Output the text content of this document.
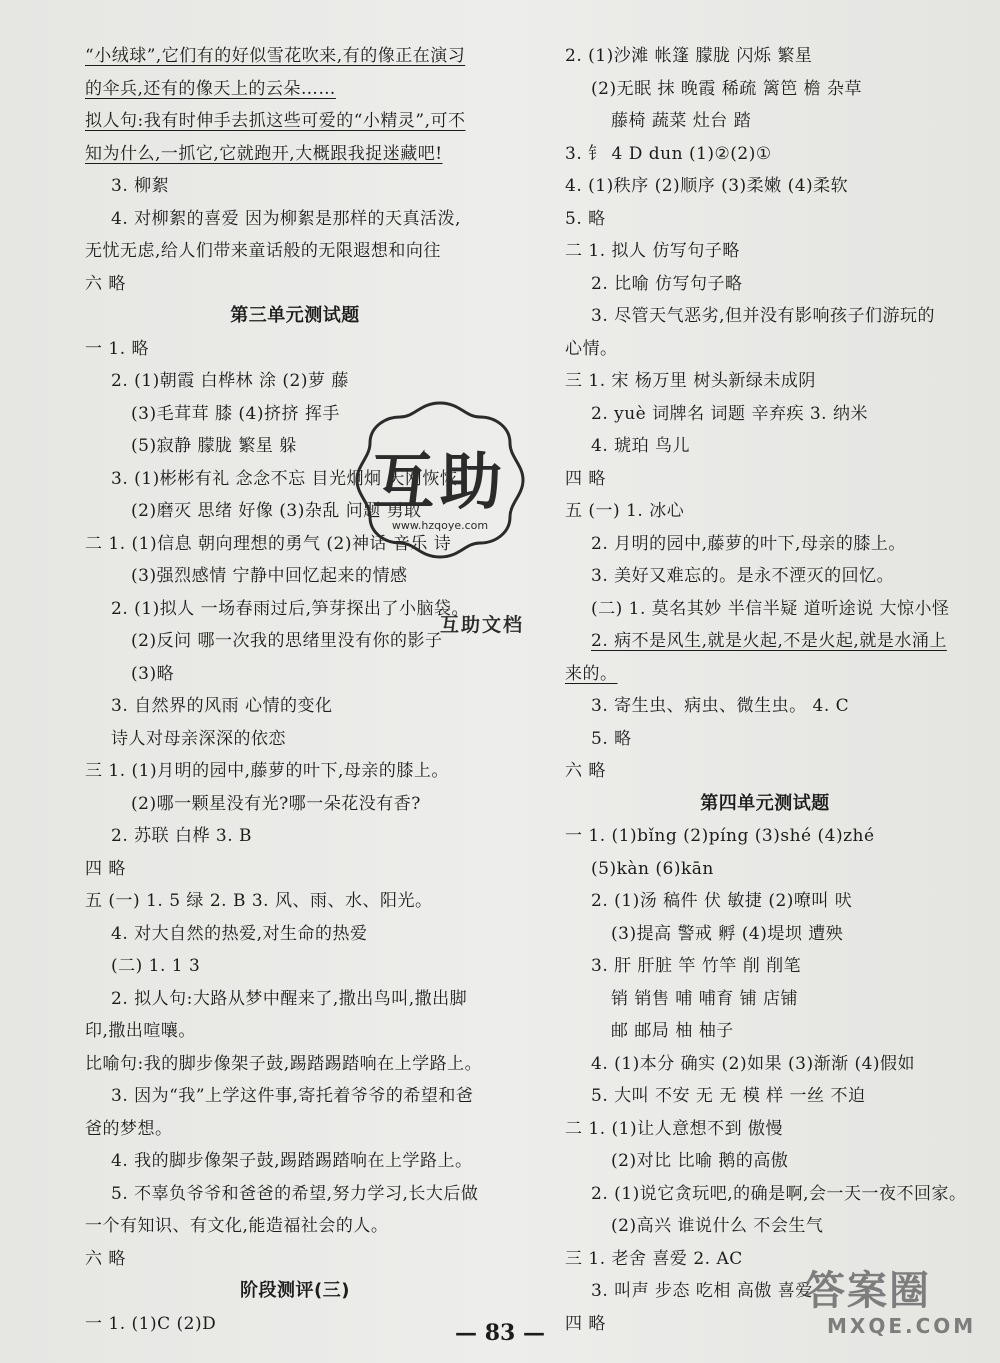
“小绒球”,它们有的好似雪花吹来,有的像正在演习
的伞兵,还有的像天上的云朵……
拟人句:我有时伸手去抓这些可爱的“小精灵”,可不
知为什么,一抓它,它就跑开,大概跟我捉迷藏吧!
3. 柳絮
4. 对柳絮的喜爱 因为柳絮是那样的天真活泼,
无忧无虑,给人们带来童话般的无限遐想和向往
六 略
第三单元测试题
一 1. 略
2. (1)朝霞 白桦林 涂 (2)萝 藤
(3)毛茸茸 膝 (4)挤挤 挥手
(5)寂静 朦胧 繁星 躲
3. (1)彬彬有礼 念念不忘 目光炯炯 天网恢恢
(2)磨灭 思绪 好像 (3)杂乱 问题 勇敢
二 1. (1)信息 朝向理想的勇气 (2)神话 音乐 诗
(3)强烈感情 宁静中回忆起来的情感
2. (1)拟人 一场春雨过后,笋芽探出了小脑袋。
(2)反问 哪一次我的思绪里没有你的影子
(3)略
3. 自然界的风雨 心情的变化
诗人对母亲深深的依恋
三 1. (1)月明的园中,藤萝的叶下,母亲的膝上。
(2)哪一颗星没有光?哪一朵花没有香?
2. 苏联 白桦 3. B
四 略
五 (一) 1. 5 绿 2. B 3. 风、雨、水、阳光。
4. 对大自然的热爱,对生命的热爱
(二) 1. 1 3
2. 拟人句:大路从梦中醒来了,撒出鸟叫,撒出脚
印,撒出喧嚷。
比喻句:我的脚步像架子鼓,踢踏踢踏响在上学路上。
3. 因为“我”上学这件事,寄托着爷爷的希望和爸
爸的梦想。
4. 我的脚步像架子鼓,踢踏踢踏响在上学路上。
5. 不辜负爷爷和爸爸的希望,努力学习,长大后做
一个有知识、有文化,能造福社会的人。
六 略
阶段测评(三)
一 1. (1)C (2)D
2. (1)沙滩 帐篷 朦胧 闪烁 繁星
(2)无眠 抹 晚霞 稀疏 篱笆 檐 杂草
藤椅 蔬菜 灶台 踏
3. 钅 4 D dun (1)②(2)①
4. (1)秩序 (2)顺序 (3)柔嫩 (4)柔软
5. 略
二 1. 拟人 仿写句子略
2. 比喻 仿写句子略
3. 尽管天气恶劣,但并没有影响孩子们游玩的
心情。
三 1. 宋 杨万里 树头新绿未成阴
2. yuè 词牌名 词题 辛弃疾 3. 纳米
4. 琥珀 鸟儿
四 略
五 (一) 1. 冰心
2. 月明的园中,藤萝的叶下,母亲的膝上。
3. 美好又难忘的。是永不湮灭的回忆。
(二) 1. 莫名其妙 半信半疑 道听途说 大惊小怪
2. 病不是风生,就是火起,不是火起,就是水涌上
来的。
3. 寄生虫、病虫、微生虫。 4. C
5. 略
六 略
第四单元测试题
一 1. (1)bǐng (2)píng (3)shé (4)zhé
(5)kàn (6)kān
2. (1)汤 稿件 伏 敏捷 (2)嘹叫 吠
(3)提高 警戒 孵 (4)堤坝 遭殃
3. 肝 肝脏 竿 竹竿 削 削笔
销 销售 哺 哺育 铺 店铺
邮 邮局 柚 柚子
4. (1)本分 确实 (2)如果 (3)渐渐 (4)假如
5. 大叫 不安 无 无 模 样 一丝 不迫
二 1. (1)让人意想不到 傲慢
(2)对比 比喻 鹅的高傲
2. (1)说它贪玩吧,的确是啊,会一天一夜不回家。
(2)高兴 谁说什么 不会生气
三 1. 老舍 喜爱 2. AC
3. 叫声 步态 吃相 高傲 喜爱
四 略
互助
www.hzqoye.com
互助文档
答案圈
MXQE.COM
— 83 —
